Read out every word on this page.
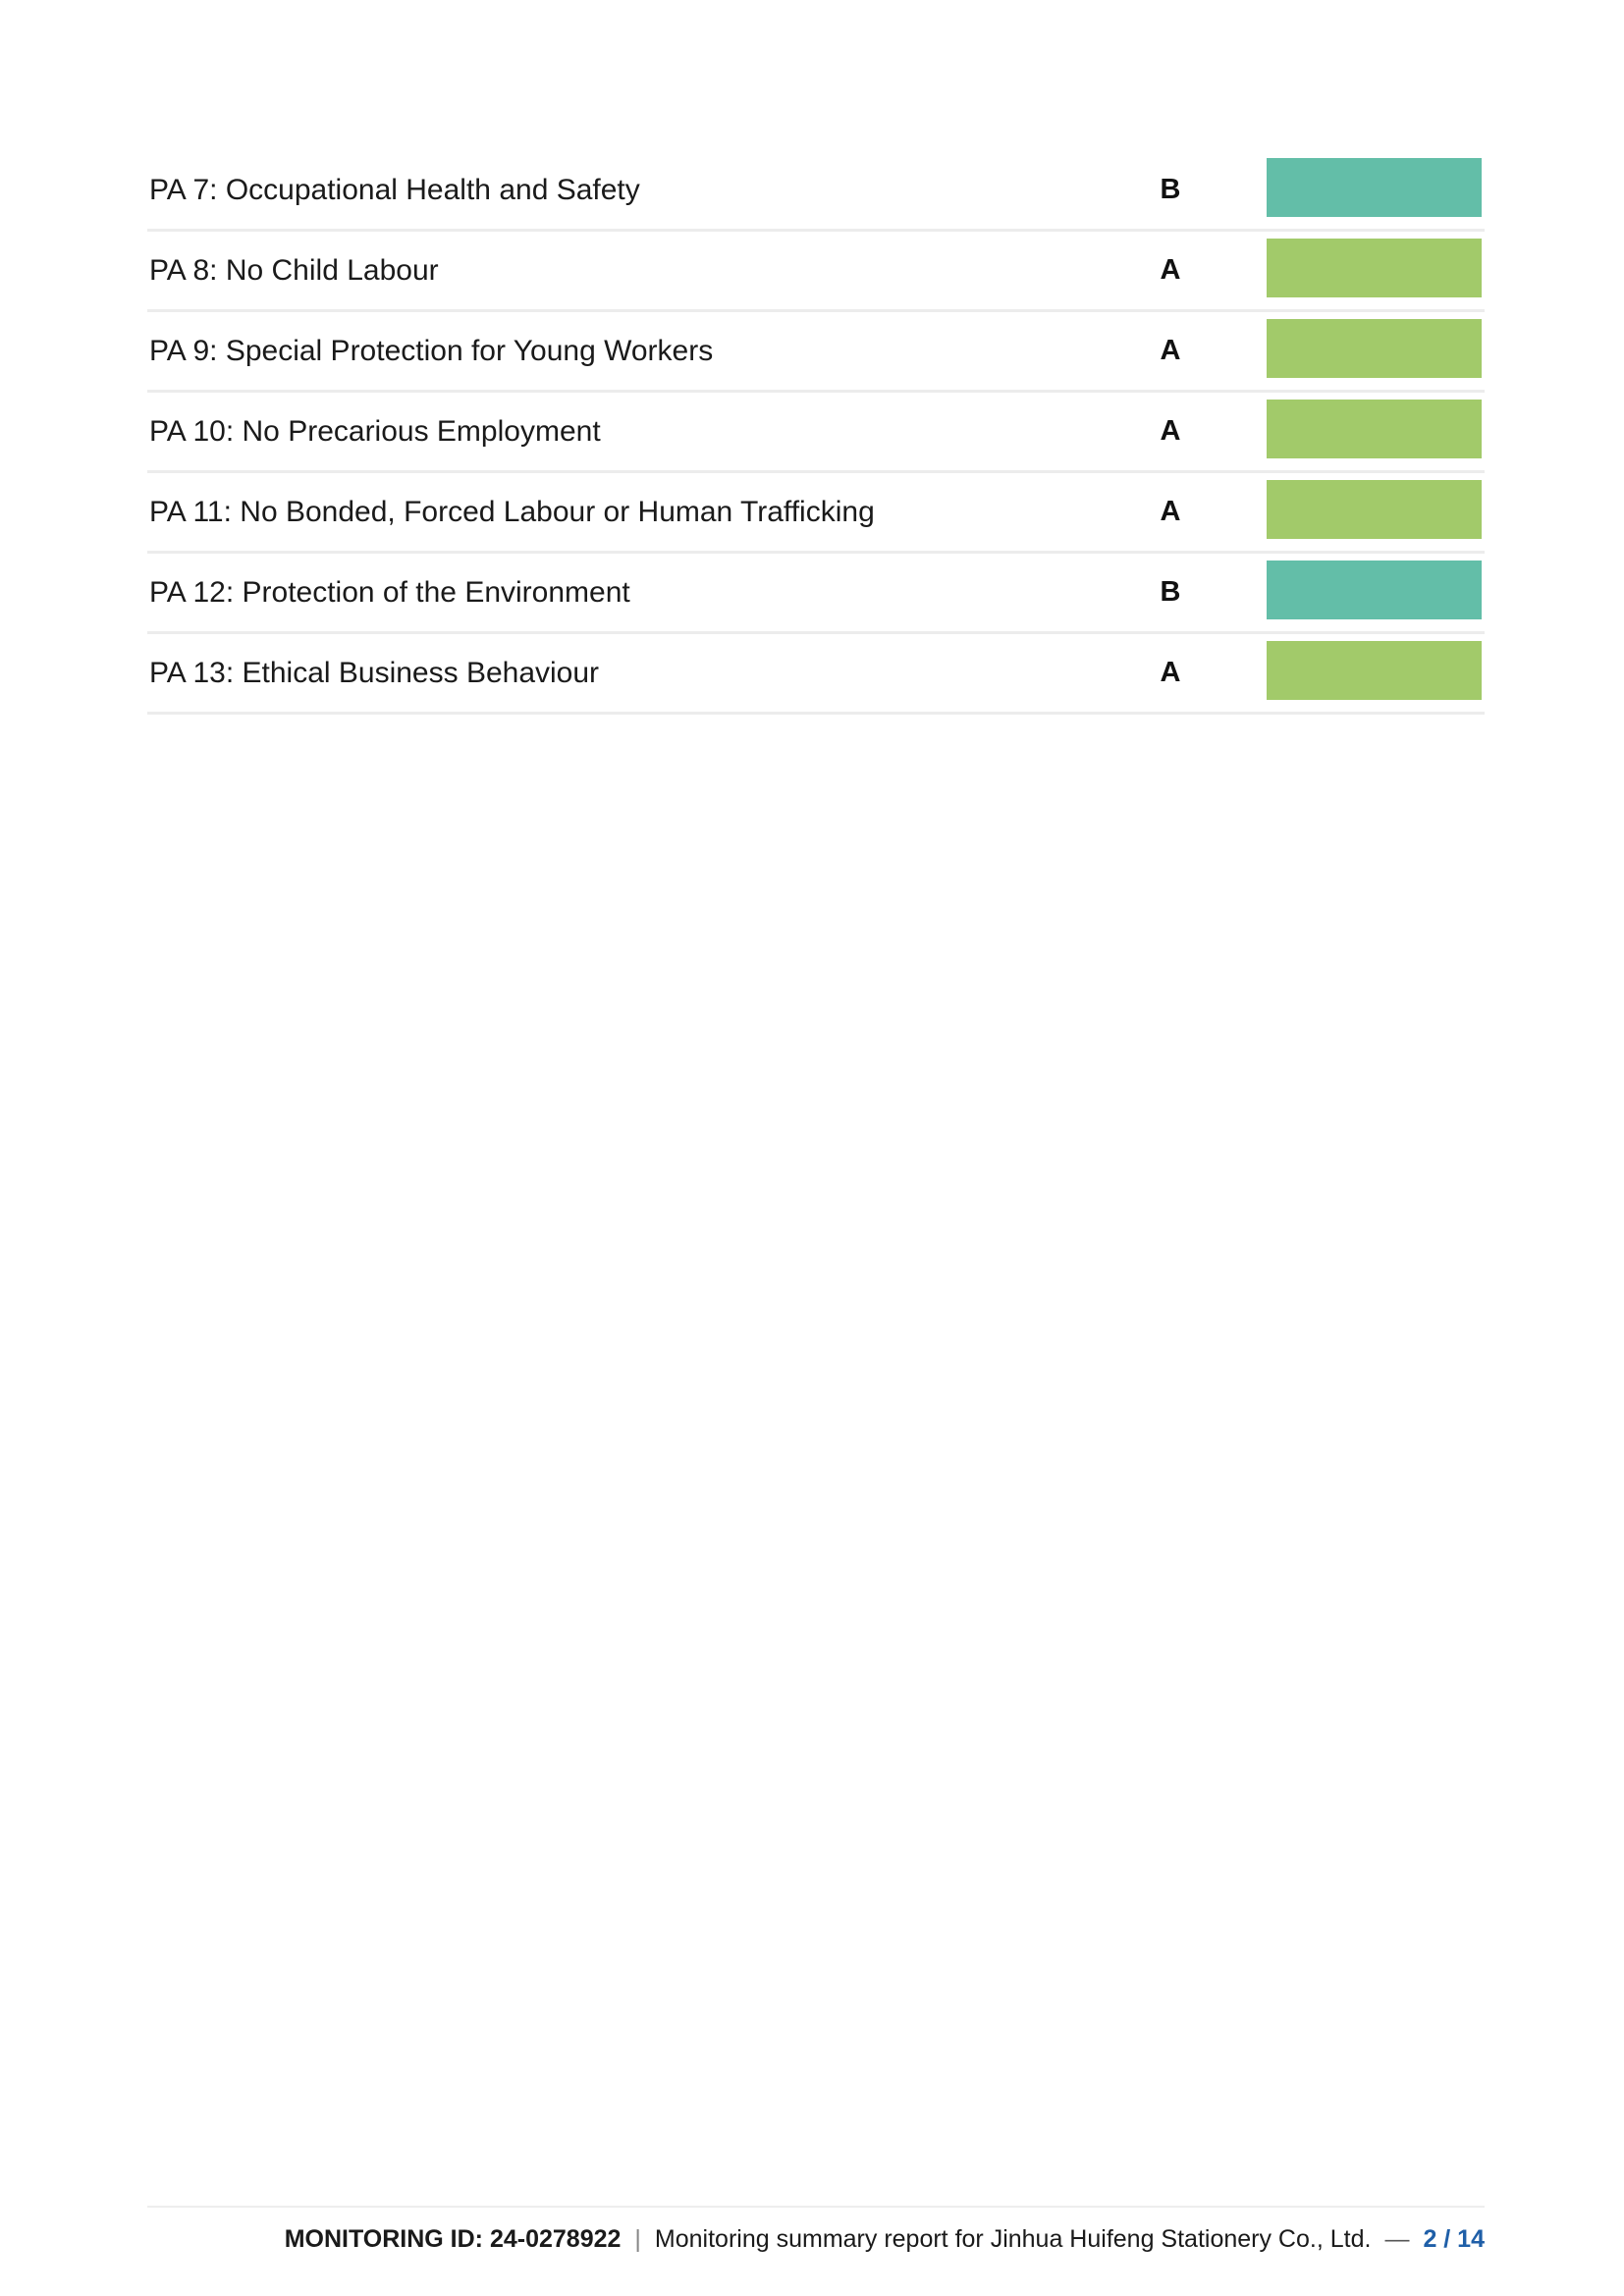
PA 7: Occupational Health and Safety	B
PA 8: No Child Labour	A
PA 9: Special Protection for Young Workers	A
PA 10: No Precarious Employment	A
PA 11: No Bonded, Forced Labour or Human Trafficking	A
PA 12: Protection of the Environment	B
PA 13: Ethical Business Behaviour	A
MONITORING ID: 24-0278922 | Monitoring summary report for Jinhua Huifeng Stationery Co., Ltd. — 2 / 14
